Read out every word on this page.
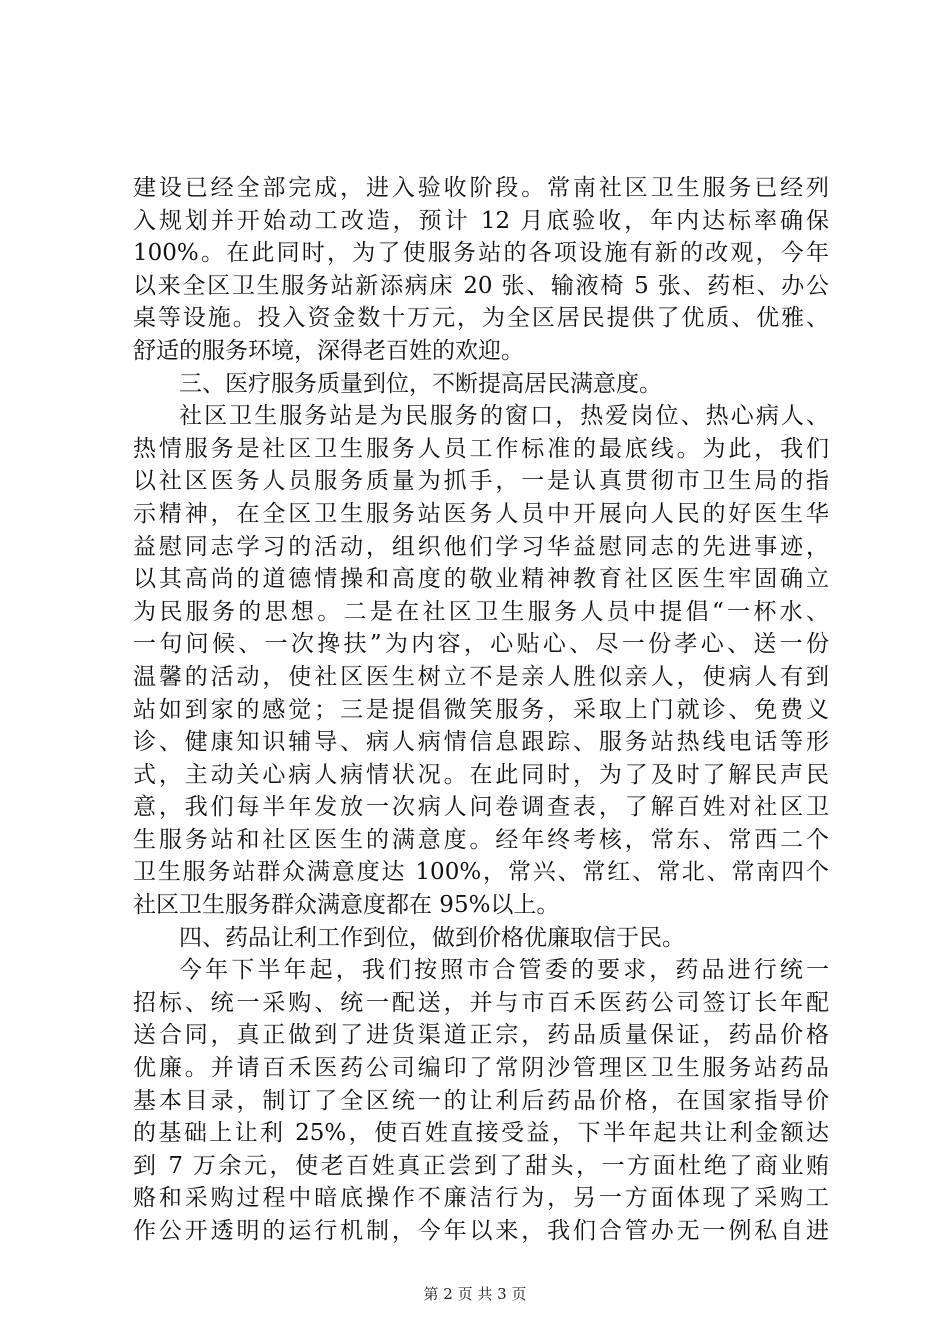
建设已经全部完成，进入验收阶段。常南社区卫生服务已经列
入规划并开始动工改造，预计 12 月底验收，年内达标率确保
100%。在此同时，为了使服务站的各项设施有新的改观，今年
以来全区卫生服务站新添病床 20 张、输液椅 5 张、药柜、办公
桌等设施。投入资金数十万元，为全区居民提供了优质、优雅、
舒适的服务环境，深得老百姓的欢迎。
三、医疗服务质量到位，不断提高居民满意度。
社区卫生服务站是为民服务的窗口，热爱岗位、热心病人、
热情服务是社区卫生服务人员工作标准的最底线。为此，我们
以社区医务人员服务质量为抓手，一是认真贯彻市卫生局的指
示精神，在全区卫生服务站医务人员中开展向人民的好医生华
益慰同志学习的活动，组织他们学习华益慰同志的先进事迹，
以其高尚的道德情操和高度的敬业精神教育社区医生牢固确立
为民服务的思想。二是在社区卫生服务人员中提倡“一杯水、
一句问候、一次搀扶”为内容，心贴心、尽一份孝心、送一份
温馨的活动，使社区医生树立不是亲人胜似亲人，使病人有到
站如到家的感觉；三是提倡微笑服务，采取上门就诊、免费义
诊、健康知识辅导、病人病情信息跟踪、服务站热线电话等形
式，主动关心病人病情状况。在此同时，为了及时了解民声民
意，我们每半年发放一次病人问卷调查表，了解百姓对社区卫
生服务站和社区医生的满意度。经年终考核，常东、常西二个
卫生服务站群众满意度达 100%，常兴、常红、常北、常南四个
社区卫生服务群众满意度都在 95%以上。
四、药品让利工作到位，做到价格优廉取信于民。
今年下半年起，我们按照市合管委的要求，药品进行统一
招标、统一采购、统一配送，并与市百禾医药公司签订长年配
送合同，真正做到了进货渠道正宗，药品质量保证，药品价格
优廉。并请百禾医药公司编印了常阴沙管理区卫生服务站药品
基本目录，制订了全区统一的让利后药品价格，在国家指导价
的基础上让利 25%，使百姓直接受益，下半年起共让利金额达
到 7 万余元，使老百姓真正尝到了甜头，一方面杜绝了商业贿
赂和采购过程中暗底操作不廉洁行为，另一方面体现了采购工
作公开透明的运行机制，今年以来，我们合管办无一例私自进
第 2 页 共 3 页
